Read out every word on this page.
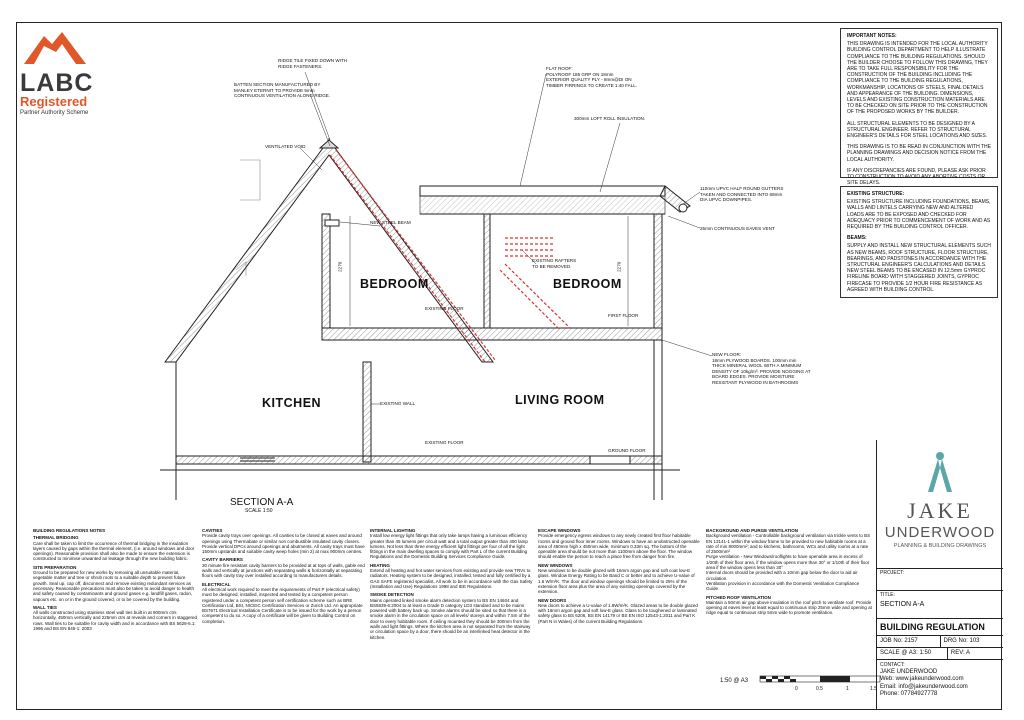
LABC
Registered
Partner Authority Scheme
IMPORTANT NOTES:

THIS DRAWING IS INTENDED FOR THE LOCAL AUTHORITY BUILDING CONTROL DEPARTMENT TO HELP ILLUSTRATE COMPLIANCE TO THE BUILDING REGULATIONS. SHOULD THE BUILDER CHOOSE TO FOLLOW THIS DRAWING, THEY ARE TO TAKE FULL RESPONSIBILITY FOR THE CONSTRUCTION OF THE BUILDING INCLUDING THE COMPLIANCE TO THE BUILDING REGULATIONS, WORKMANSHIP, LOCATIONS OF STEELS, FINAL DETAILS AND APPEARANCE OF THE BUILDING. DIMENSIONS, LEVELS AND EXISTING CONSTRUCTION MATERIALS ARE TO BE CHECKED ON SITE PRIOR TO THE CONSTRUCTION OF THE PROPOSED WORKS BY THE BUILDER.

ALL STRUCTURAL ELEMENTS TO BE DESIGNED BY A STRUCTURAL ENGINEER. REFER TO STRUCTURAL ENGINEER'S DETAILS FOR STEEL LOCATIONS AND SIZES.

THIS DRAWING IS TO BE READ IN CONJUNCTION WITH THE PLANNING DRAWINGS AND DECISION NOTICE FROM THE LOCAL AUTHORITY.

IF ANY DISCREPANCIES ARE FOUND, PLEASE ASK PRIOR TO CONSTRUCTION TO AVOID ANY ABORTIVE COSTS OR SITE DELAYS.

EXISTING STRUCTURE:

EXISTING STRUCTURE INCLUDING FOUNDATIONS, BEAMS, WALLS AND LINTELS CARRYING NEW AND ALTERED LOADS ARE TO BE EXPOSED AND CHECKED FOR ADEQUACY PRIOR TO COMMENCEMENT OF WORK AND AS REQUIRED BY THE BUILDING CONTROL OFFICER.

BEAMS:

SUPPLY AND INSTALL NEW STRUCTURAL ELEMENTS SUCH AS NEW BEAMS, ROOF STRUCTURE, FLOOR STRUCTURE, BEARINGS, AND PADSTONES IN ACCORDANCE WITH THE STRUCTURAL ENGINEER'S CALCULATIONS AND DETAILS. NEW STEEL BEAMS TO BE ENCASED IN 12.5mm GYPROC FIRELINE BOARD WITH STAGGERED JOINTS, GYPROC FIRECASE TO PROVIDE 1/2 HOUR FIRE RESISTANCE AS AGREED WITH BUILDING CONTROL.

RIDGE TILE FIXED DOWN WITH
RIDGE FASTENERS.
BATTEN SECTION MANUFACTURED BY
MANLEY ETERNIT TO PROVIDE 5mm
CONTINUOUS VENTILATION ALONG RIDGE.
VENTILATED VOID
FLAT ROOF:
POLYROOF 185 GRP ON 18mm
EXTERIOR QUALITY PLY - 8mm@DI ON
TIMBER FIRRINGS TO CREATE 1:40 FALL.
300mm LOFT ROLL INSULATION.
110mm UPVC HALF ROUND GUTTERS
TAKEN AND CONNECTED INTO 68mm
DIA UPVC DOWNPIPES.
25mm CONTINUOUS EAVES VENT
NEW STEEL BEAM
EXISTING RAFTERS
TO BE REMOVED.
EXISTING FLOOR
FIRST FLOOR
NEW FLOOR:
18mm PLYWOOD BOARDS. 100mm min
THICK MINERAL WOOL WITH A MINIMUM
DENSITY OF 10kg/m³. PROVIDE NOGGING AT
BOARD EDGES. PROVIDE MOISTURE
RESISTANT PLYWOOD IN BATHROOMS
EXISTING WALL
EXISTING FLOOR
GROUND FLOOR
2270	2270
BEDROOM	BEDROOM
KITCHEN	LIVING ROOM
SECTION A-A
SCALE 1:50
BUILDING REGULATIONS NOTES
THERMAL BRIDGING

Care shall be taken to limit the occurrence of thermal bridging in the insulation layers caused by gaps within the thermal element, (i.e. around windows and door openings). Reasonable provision shall also be made to ensure the extension is constructed to minimise unwanted air leakage through the new building fabric.

SITE PREPARATION

Ground to be prepared for new works by removing all unsuitable material, vegetable matter and tree or shrub roots to a suitable depth to prevent future growth. Seal up, cap off, disconnect and remove existing redundant services as necessary. Reasonable precautions must also be taken to avoid danger to health and safety caused by contaminants and ground gases e.g. landfill gases, radon, vapours etc. on or in the ground covered, or to be covered by the building.

WALL TIES

All walls constructed using stainless steel wall ties built in at 900mm ctrs horizontally, 450mm vertically and 225mm ctrs at reveals and corners in staggered rows. Wall ties to be suitable for cavity width and in accordance with BS 5628-6.1: 1996 and BS EN 845-1: 2003

CAVITIES

Provide cavity trays over openings. All cavities to be closed at eaves and around openings using Thermabate or similar non combustible insulated cavity closers. Provide vertical DPCs around openings and abutments. All cavity trays must have 150mm upstands and suitable cavity weep holes (min 2) at max 900mm centres.

CAVITY BARRIERS

30 minute fire resistant cavity barriers to be provided at at tops of walls, gable end walls and vertically at junctions with separating walls & horizontally at separating floors with cavity tray over installed according to manufacturers details.

ELECTRICAL

All electrical work required to meet the requirements of Part P (electrical safety) must be designed, installed, inspected and tested by a competent person registered under a competent person self certification scheme such as BRE Certification Ltd, BSI, NICEIC Certification Services or Zurich Ltd. An appropriate BS7671 Electrical Installation Certificate is to be issued for the work by a person competent to do so. A copy of a certificate will be given to Building Control on completion.

INTERNAL LIGHTING

Install low energy light fittings that only take lamps having a luminous efficiency greater than 45 lumens per circuit watt and a total output greater than 400 lamp lumens. Not less than three energy efficient light fittings per four of all the light fittings in the main dwelling spaces to comply with Part L of the current Building Regulations and the Domestic Building Services Compliance Guide.

HEATING

Extend all heating and hot water services from existing and provide new TRVs to radiators. Heating system to be designed, installed, tested and fully certified by a GAS SAFE registered specialist. All work to be in accordance with the Gas Safety (Installation and Use) Regulations 1998 and IEE Regulations.

SMOKE DETECTION

Mains operated linked smoke alarm detection system to BS EN 14604 and BS5839-6:2004 to at least a Grade D category LD3 standard and to be mains powered with battery back up. Smoke alarms should be sited so that there is a smoke alarm in the circulation space on all levels/ storeys and within 7.5m of the door to every habitable room. If ceiling mounted they should be 300mm from the walls and light fittings. Where the kitchen area is not separated from the stairway or circulation space by a door, there should be an interlinked heat detector in the kitchen.

ESCAPE WINDOWS

Provide emergency egress windows to any newly created first floor habitable rooms and ground floor inner rooms. Windows to have an unobstructed openable area of 450mm high x 450mm wide, minimum 0.33m sq. The bottom of the openable area should be not more than 1100mm above the floor. The window should enable the person to reach a place free from danger from fire.

NEW WINDOWS

New windows to be double glazed with 16mm argon gap and soft coat low-E glass. Window Energy Rating to be Band C or better and to achieve U-value of 1.6 W/m²K. The door and window openings should be limited to 25% of the extension floor area plus the area of any existing openings covered by the extension.

NEW DOORS

New doors to achieve a U-value of 1.8W/m²K. Glazed areas to be double glazed with 16mm argon gap and soft low-E glass. Glass to be toughened or laminated safety glass to BS 6206, BS EN 14179 or BS EN ISO 12543-1:2011 and Part K (Part N in Wales) of the current Building Regulations.

BACKGROUND AND PURGE VENTILATION

Background ventilation - Controllable background ventilation via trickle vents to BS EN 13141-1 within the window frame to be provided to new habitable rooms at a rate of min 8000mm²; and to kitchens, bathrooms, WCs and utility rooms at a rate of 2500mm²
Purge ventilation - New Windows/rooflights to have openable area in excess of 1/20th of their floor area, if the window opens more than 30° or 1/10th of their floor area if the window opens less than 30°
Internal doors should be provided with a 10mm gap below the door to aid air circulation.
Ventilation provision in accordance with the Domestic Ventilation Compliance Guide.

PITCHED ROOF VENTILATION

Maintain a 50mm air gap above insulation in the roof pitch to ventilate roof. Provide opening at eaves level at least equal to continuous strip 25mm wide and opening at ridge equal to continuous strip 5mm wide to promote ventilation.

1:50 @ A3
0	0.5	1	1.5
JAKE
UNDERWOOD
PLANNING & BUILDING DRAWINGS
PROJECT:
TITLE:
SECTION A-A
BUILDING REGULATION
JOB No: 2157	DRG No: 103
SCALE @ A3: 1:50	REV: A
CONTACT:
JAKE UNDERWOOD
Web: www.jakeunderwood.com
Email: info@jakeunderwood.com
Phone: 07784927778
